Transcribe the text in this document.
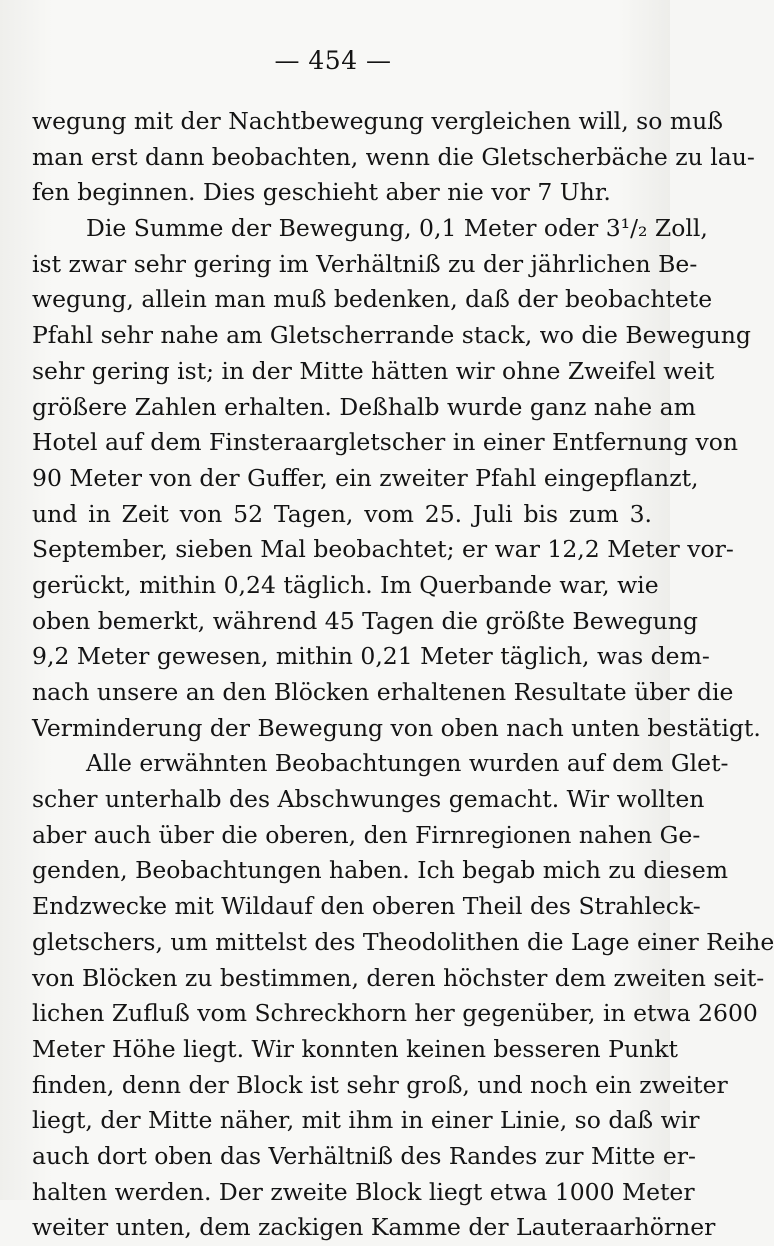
— 454 —
wegung mit der Nachtbewegung vergleichen will, so muß
man erst dann beobachten, wenn die Gletscherbäche zu lau-
fen beginnen. Dies geschieht aber nie vor 7 Uhr.
Die Summe der Bewegung, 0,1 Meter oder 3¹/₂ Zoll,
ist zwar sehr gering im Verhältniß zu der jährlichen Be-
wegung, allein man muß bedenken, daß der beobachtete
Pfahl sehr nahe am Gletscherrande stack, wo die Bewegung
sehr gering ist; in der Mitte hätten wir ohne Zweifel weit
größere Zahlen erhalten. Deßhalb wurde ganz nahe am
Hotel auf dem Finsteraargletscher in einer Entfernung von
90 Meter von der Guffer, ein zweiter Pfahl eingepflanzt,
und in Zeit von 52 Tagen, vom 25. Juli bis zum 3.
September, sieben Mal beobachtet; er war 12,2 Meter vor-
gerückt, mithin 0,24 täglich. Im Querbande war, wie
oben bemerkt, während 45 Tagen die größte Bewegung
9,2 Meter gewesen, mithin 0,21 Meter täglich, was dem-
nach unsere an den Blöcken erhaltenen Resultate über die
Verminderung der Bewegung von oben nach unten bestätigt.
Alle erwähnten Beobachtungen wurden auf dem Glet-
scher unterhalb des Abschwunges gemacht. Wir wollten
aber auch über die oberen, den Firnregionen nahen Ge-
genden, Beobachtungen haben. Ich begab mich zu diesem
Endzwecke mit Wildauf den oberen Theil des Strahleck-
gletschers, um mittelst des Theodolithen die Lage einer Reihe
von Blöcken zu bestimmen, deren höchster dem zweiten seit-
lichen Zufluß vom Schreckhorn her gegenüber, in etwa 2600
Meter Höhe liegt. Wir konnten keinen besseren Punkt
finden, denn der Block ist sehr groß, und noch ein zweiter
liegt, der Mitte näher, mit ihm in einer Linie, so daß wir
auch dort oben das Verhältniß des Randes zur Mitte er-
halten werden. Der zweite Block liegt etwa 1000 Meter
weiter unten, dem zackigen Kamme der Lauteraarhörner
